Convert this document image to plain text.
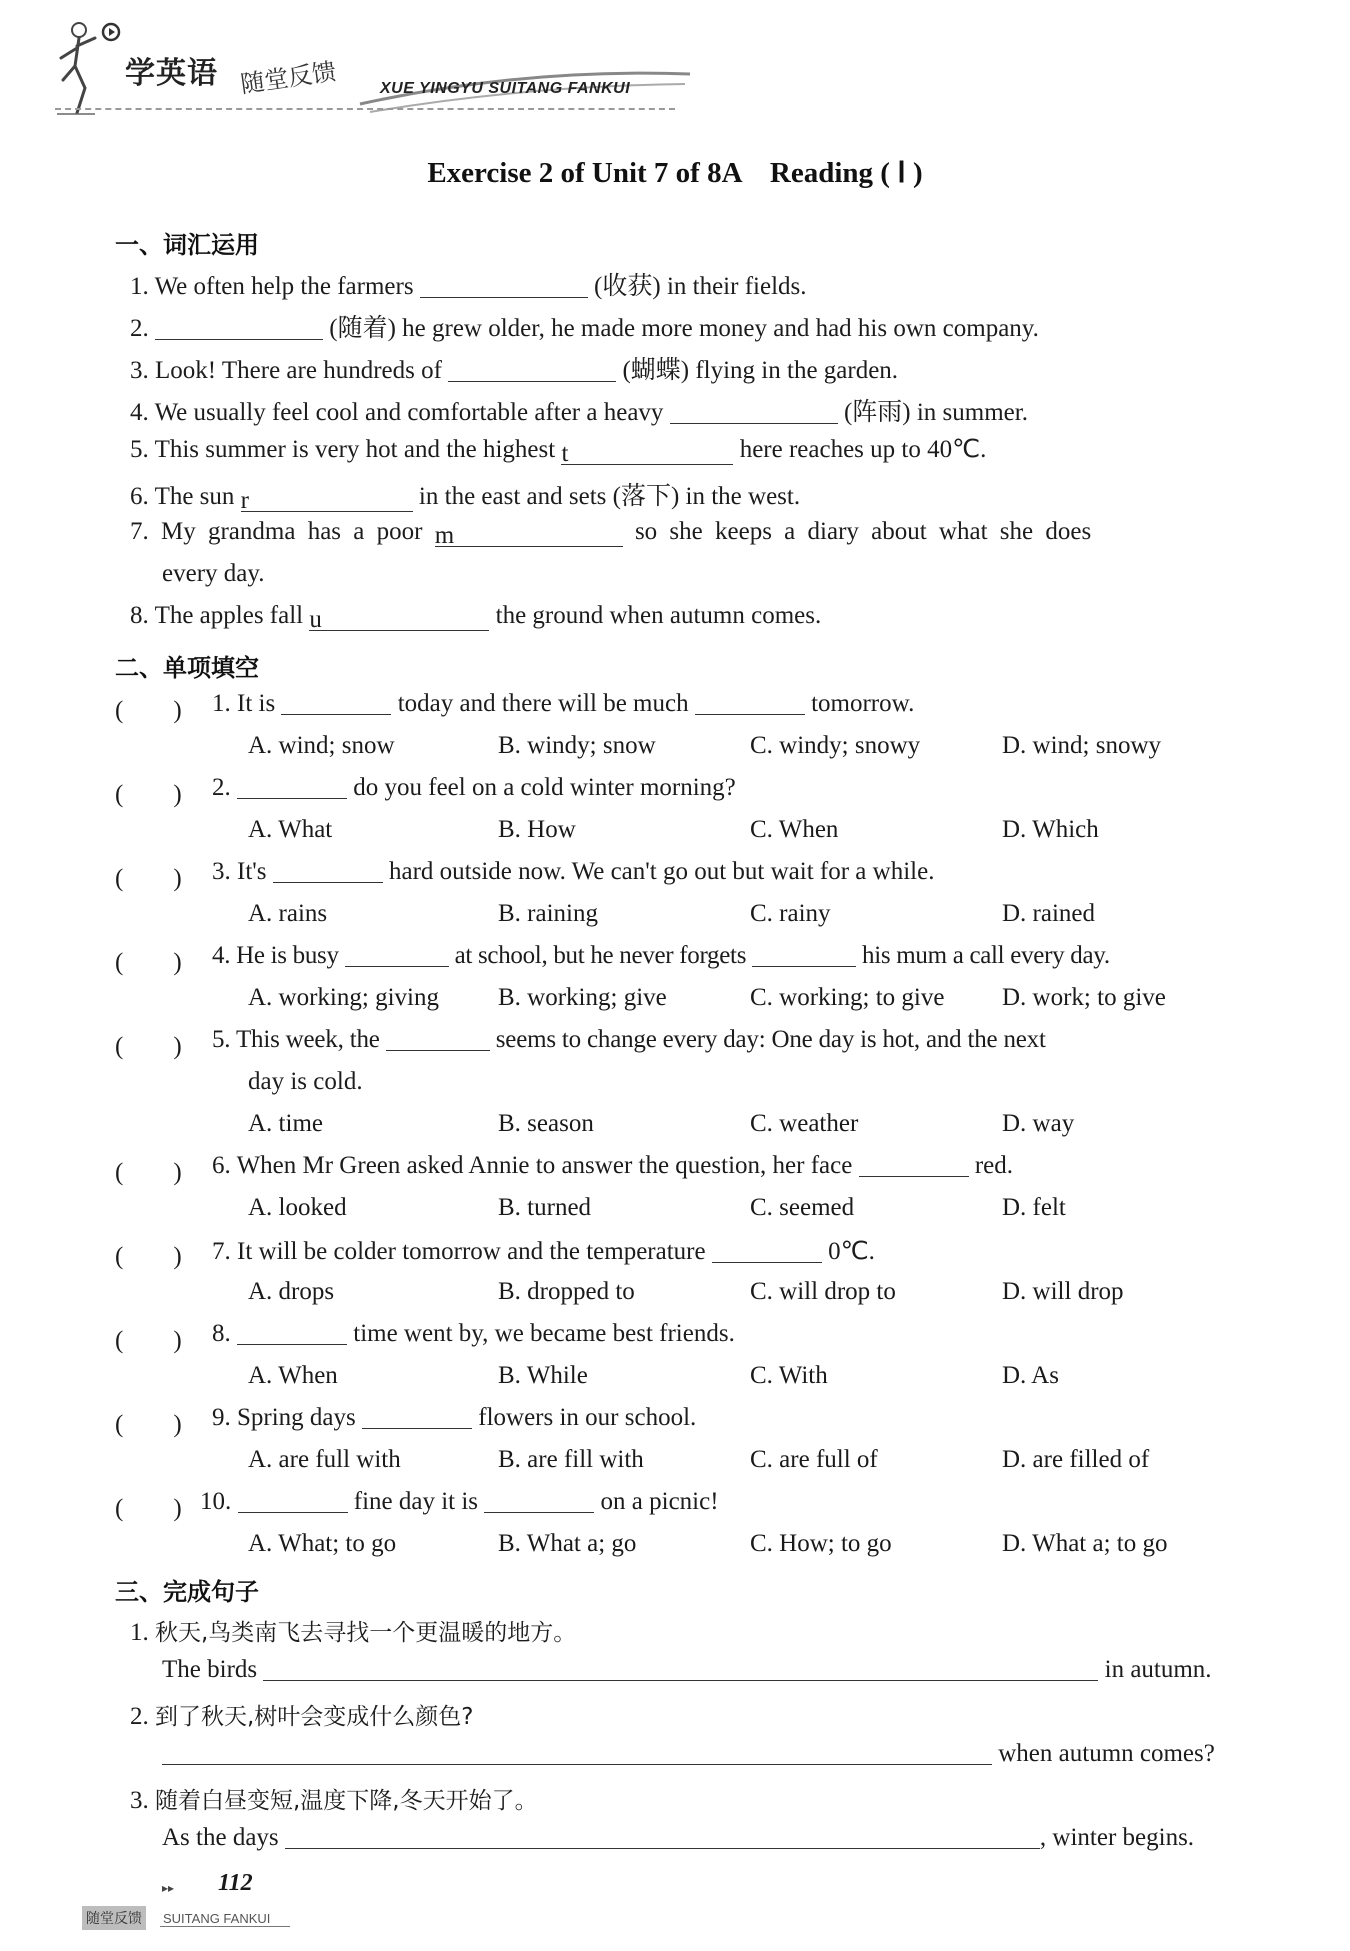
学英语 随堂反馈	XUE YINGYU SUITANG FANKUI
Exercise 2 of Unit 7 of 8A　Reading ( Ⅰ )
一、词汇运用
1. We often help the farmers	(收获) in their fields.
2.	(随着) he grew older, he made more money and had his own company.
3. Look! There are hundreds of	(蝴蝶) flying in the garden.
4. We usually feel cool and comfortable after a heavy	(阵雨) in summer.
5. This summer is very hot and the highest t	here reaches up to 40℃.
6. The sun r	in the east and sets (落下) in the west.
7. My grandma has a poor m	so she keeps a diary about what she does
every day.
8. The apples fall u	the ground when autumn comes.
二、单项填空
(　　) 1. It is	today and there will be much	tomorrow.
A. wind; snow	B. windy; snow	C. windy; snowy	D. wind; snowy
(　　) 2.	do you feel on a cold winter morning?
A. What	B. How	C. When	D. Which
(　　) 3. It's	hard outside now. We can't go out but wait for a while.
A. rains	B. raining	C. rainy	D. rained
(　　) 4. He is busy	at school, but he never forgets	his mum a call every day.
A. working; giving B. working; give	C. working; to give D. work; to give
(　　) 5. This week, the	seems to change every day: One day is hot, and the next
day is cold.
A. time	B. season	C. weather	D. way
(　　) 6. When Mr Green asked Annie to answer the question, her face	red.
A. looked	B. turned	C. seemed	D. felt
(　　) 7. It will be colder tomorrow and the temperature	0℃.
A. drops	B. dropped to	C. will drop to	D. will drop
(　　) 8.	time went by, we became best friends.
A. When	B. While	C. With	D. As
(　　) 9. Spring days	flowers in our school.
A. are full with	B. are fill with	C. are full of	D. are filled of
(　　) 10.	fine day it is	on a picnic!
A. What; to go	B. What a; go	C. How; to go	D. What a; to go
三、完成句子
1. 秋天,鸟类南飞去寻找一个更温暖的地方。
The birds	in autumn.
2. 到了秋天,树叶会变成什么颜色?
when autumn comes?
3. 随着白昼变短,温度下降,冬天开始了。
As the days	, winter begins.
▸▸ 112
随堂反馈	SUITANG FANKUI
